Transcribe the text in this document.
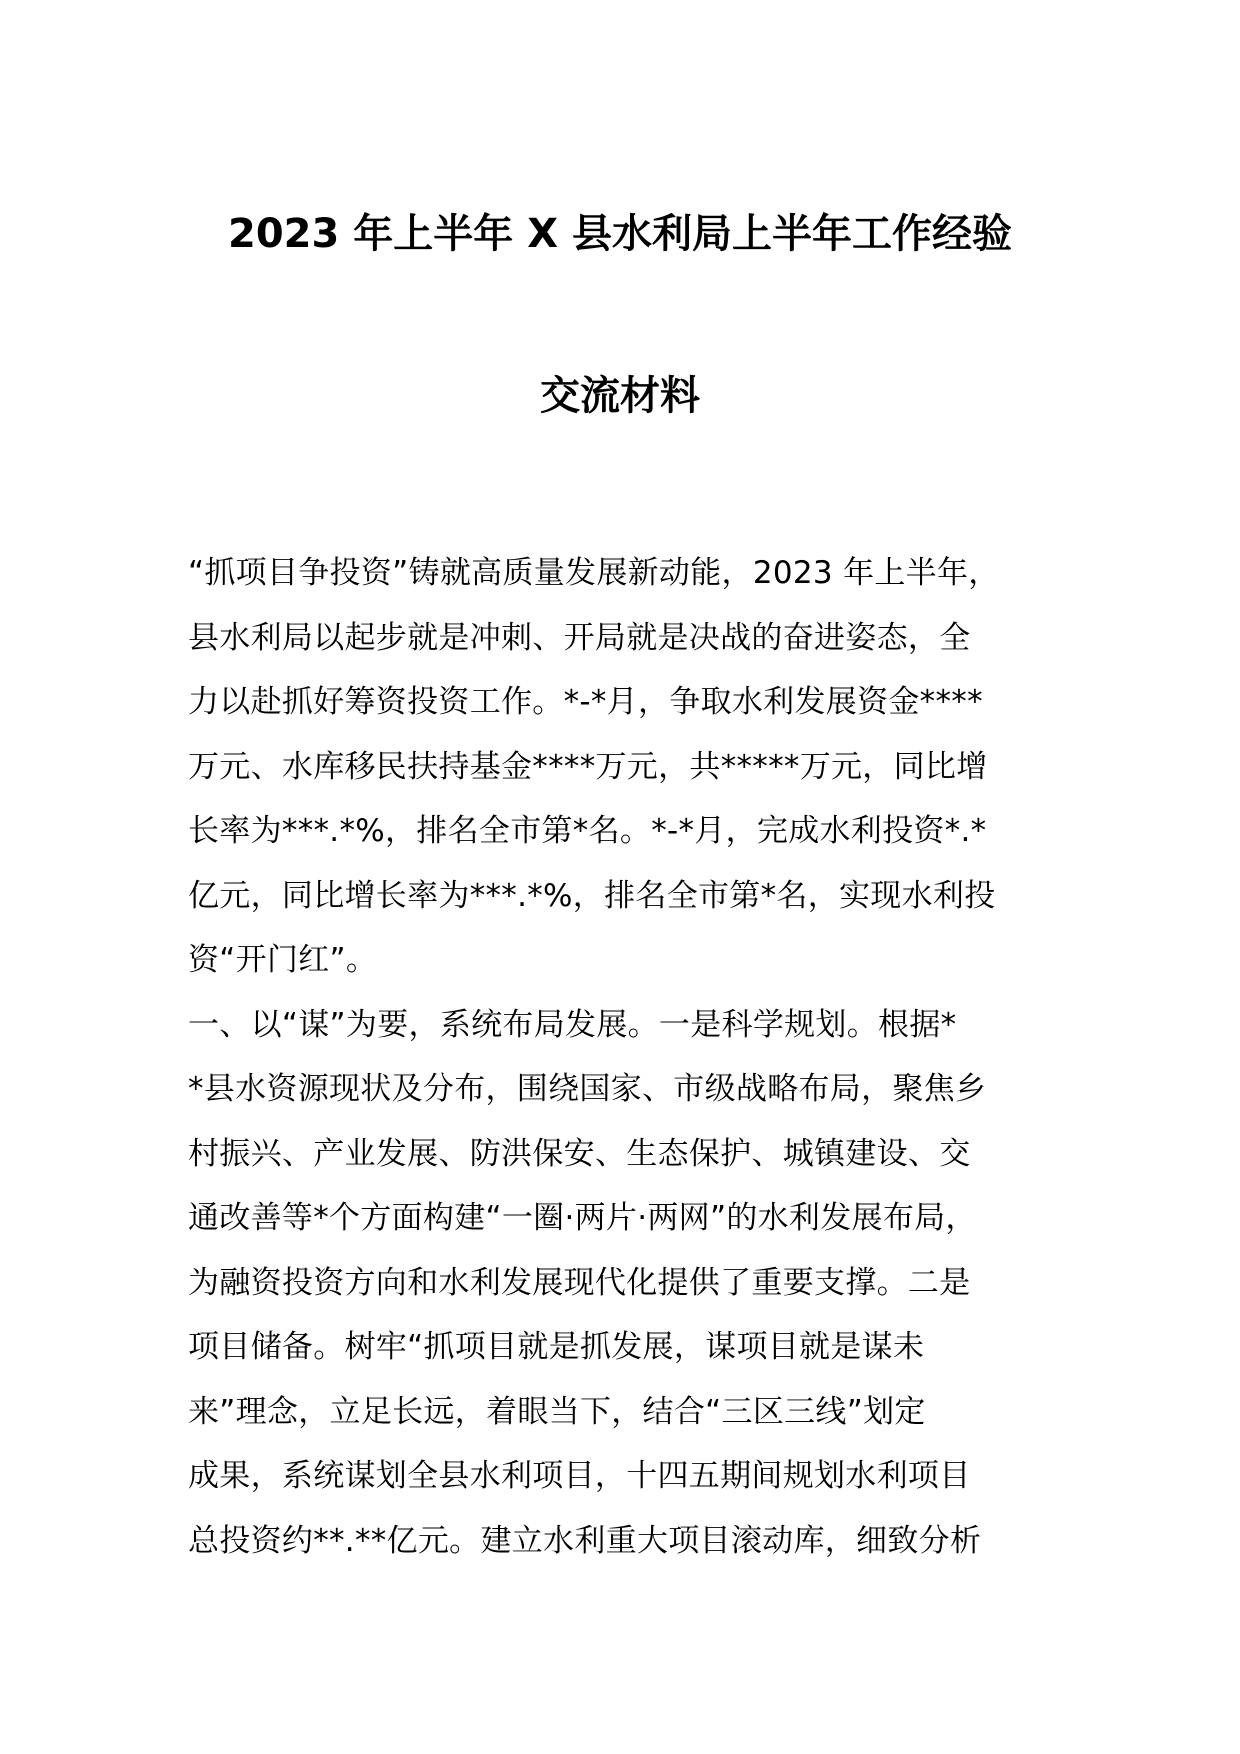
2023 年上半年 X 县水利局上半年工作经验
交流材料
“抓项目争投资”铸就高质量发展新动能，2023 年上半年，
县水利局以起步就是冲刺、开局就是决战的奋进姿态，全
力以赴抓好筹资投资工作。*-*月，争取水利发展资金****
万元、水库移民扶持基金****万元，共*****万元，同比增
长率为***.*%，排名全市第*名。*-*月，完成水利投资*.*
亿元，同比增长率为***.*%，排名全市第*名，实现水利投
资“开门红”。
一、以“谋”为要，系统布局发展。一是科学规划。根据*
*县水资源现状及分布，围绕国家、市级战略布局，聚焦乡
村振兴、产业发展、防洪保安、生态保护、城镇建设、交
通改善等*个方面构建“一圈·两片·两网”的水利发展布局，
为融资投资方向和水利发展现代化提供了重要支撑。二是
项目储备。树牢“抓项目就是抓发展，谋项目就是谋未
来”理念，立足长远，着眼当下，结合“三区三线”划定
成果，系统谋划全县水利项目，十四五期间规划水利项目
总投资约**.**亿元。建立水利重大项目滚动库，细致分析
